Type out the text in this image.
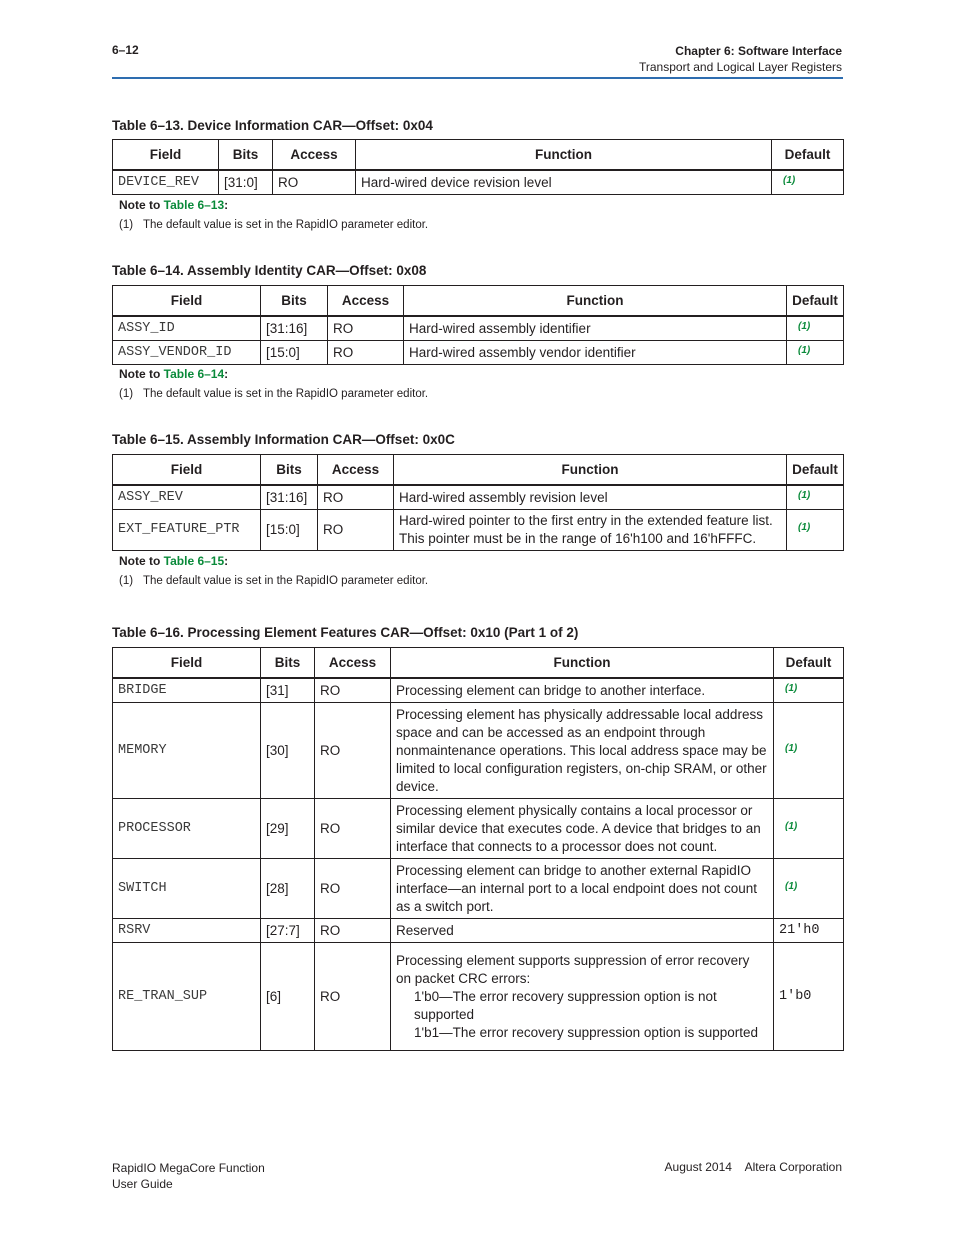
6–12	Chapter 6: Software Interface
Transport and Logical Layer Registers
Table 6–13. Device Information CAR—Offset: 0x04
Field	Bits	Access	Function	Default
DEVICE_REV	[31:0]	RO	Hard-wired device revision level	$^{(1)}$
Note to Table 6–13:
(1) The default value is set in the RapidIO parameter editor.
Table 6–14. Assembly Identity CAR—Offset: 0x08
Field	Bits	Access	Function	Default
ASSY_ID	[31:16]	RO	Hard-wired assembly identifier	$^{(1)}$
ASSY_VENDOR_ID	[15:0]	RO	Hard-wired assembly vendor identifier	$^{(1)}$
Note to Table 6–14:
(1) The default value is set in the RapidIO parameter editor.
Table 6–15. Assembly Information CAR—Offset: 0x0C
Field	Bits	Access	Function	Default
ASSY_REV	[31:16]	RO	Hard-wired assembly revision level	$^{(1)}$
EXT_FEATURE_PTR	[15:0]	RO	Hard-wired pointer to the first entry in the extended feature list. This pointer must be in the range of 16'h100 and 16'hFFFC.	$^{(1)}$
Note to Table 6–15:
(1) The default value is set in the RapidIO parameter editor.
Table 6–16. Processing Element Features CAR—Offset: 0x10 (Part 1 of 2)
Field	Bits	Access	Function	Default
BRIDGE	[31]	RO	Processing element can bridge to another interface.	$^{(1)}$
MEMORY	[30]	RO	Processing element has physically addressable local address space and can be accessed as an endpoint through nonmaintenance operations. This local address space may be limited to local configuration registers, on-chip SRAM, or other device.	$^{(1)}$
PROCESSOR	[29]	RO	Processing element physically contains a local processor or similar device that executes code. A device that bridges to an interface that connects to a processor does not count.	$^{(1)}$
SWITCH	[28]	RO	Processing element can bridge to another external RapidIO interface—an internal port to a local endpoint does not count as a switch port.	$^{(1)}$
RSRV	[27:7]	RO	Reserved	21'h0
RE_TRAN_SUP	[6]	RO	Processing element supports suppression of error recovery on packet CRC errors:

1'b0—The error recovery suppression option is not supported

1'b1—The error recovery suppression option is supported	1'b0
RapidIO MegaCore Function
User Guide
August 2014    Altera Corporation
